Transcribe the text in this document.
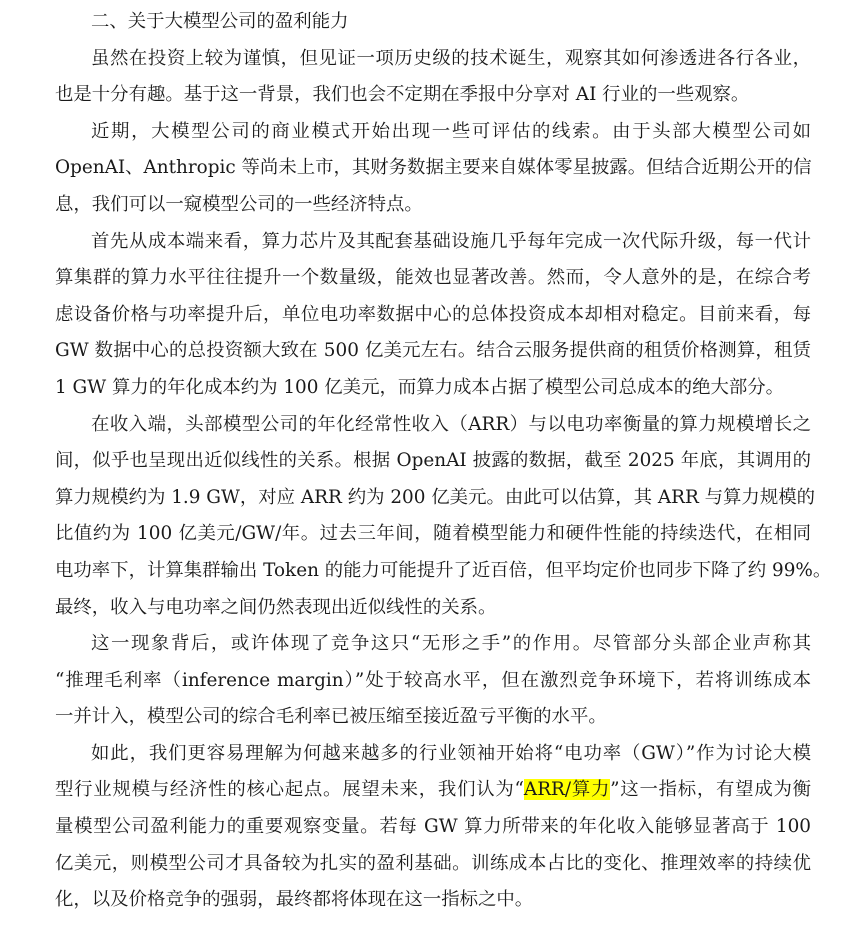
二、关于大模型公司的盈利能力
虽然在投资上较为谨慎，但见证一项历史级的技术诞生，观察其如何渗透进各行各业，
也是十分有趣。基于这一背景，我们也会不定期在季报中分享对 AI 行业的一些观察。
近期，大模型公司的商业模式开始出现一些可评估的线索。由于头部大模型公司如
OpenAI、Anthropic 等尚未上市，其财务数据主要来自媒体零星披露。但结合近期公开的信
息，我们可以一窥模型公司的一些经济特点。
首先从成本端来看，算力芯片及其配套基础设施几乎每年完成一次代际升级，每一代计
算集群的算力水平往往提升一个数量级，能效也显著改善。然而，令人意外的是，在综合考
虑设备价格与功率提升后，单位电功率数据中心的总体投资成本却相对稳定。目前来看，每
GW 数据中心的总投资额大致在 500 亿美元左右。结合云服务提供商的租赁价格测算，租赁
1 GW 算力的年化成本约为 100 亿美元，而算力成本占据了模型公司总成本的绝大部分。
在收入端，头部模型公司的年化经常性收入（ARR）与以电功率衡量的算力规模增长之
间，似乎也呈现出近似线性的关系。根据 OpenAI 披露的数据，截至 2025 年底，其调用的
算力规模约为 1.9 GW，对应 ARR 约为 200 亿美元。由此可以估算，其 ARR 与算力规模的
比值约为 100 亿美元/GW/年。过去三年间，随着模型能力和硬件性能的持续迭代，在相同
电功率下，计算集群输出 Token 的能力可能提升了近百倍，但平均定价也同步下降了约 99%。
最终，收入与电功率之间仍然表现出近似线性的关系。
这一现象背后，或许体现了竞争这只“无形之手”的作用。尽管部分头部企业声称其
“推理毛利率（inference margin）”处于较高水平，但在激烈竞争环境下，若将训练成本
一并计入，模型公司的综合毛利率已被压缩至接近盈亏平衡的水平。
如此，我们更容易理解为何越来越多的行业领袖开始将“电功率（GW）”作为讨论大模
型行业规模与经济性的核心起点。展望未来，我们认为“ARR/算力”这一指标，有望成为衡
量模型公司盈利能力的重要观察变量。若每 GW 算力所带来的年化收入能够显著高于 100
亿美元，则模型公司才具备较为扎实的盈利基础。训练成本占比的变化、推理效率的持续优
化，以及价格竞争的强弱，最终都将体现在这一指标之中。
